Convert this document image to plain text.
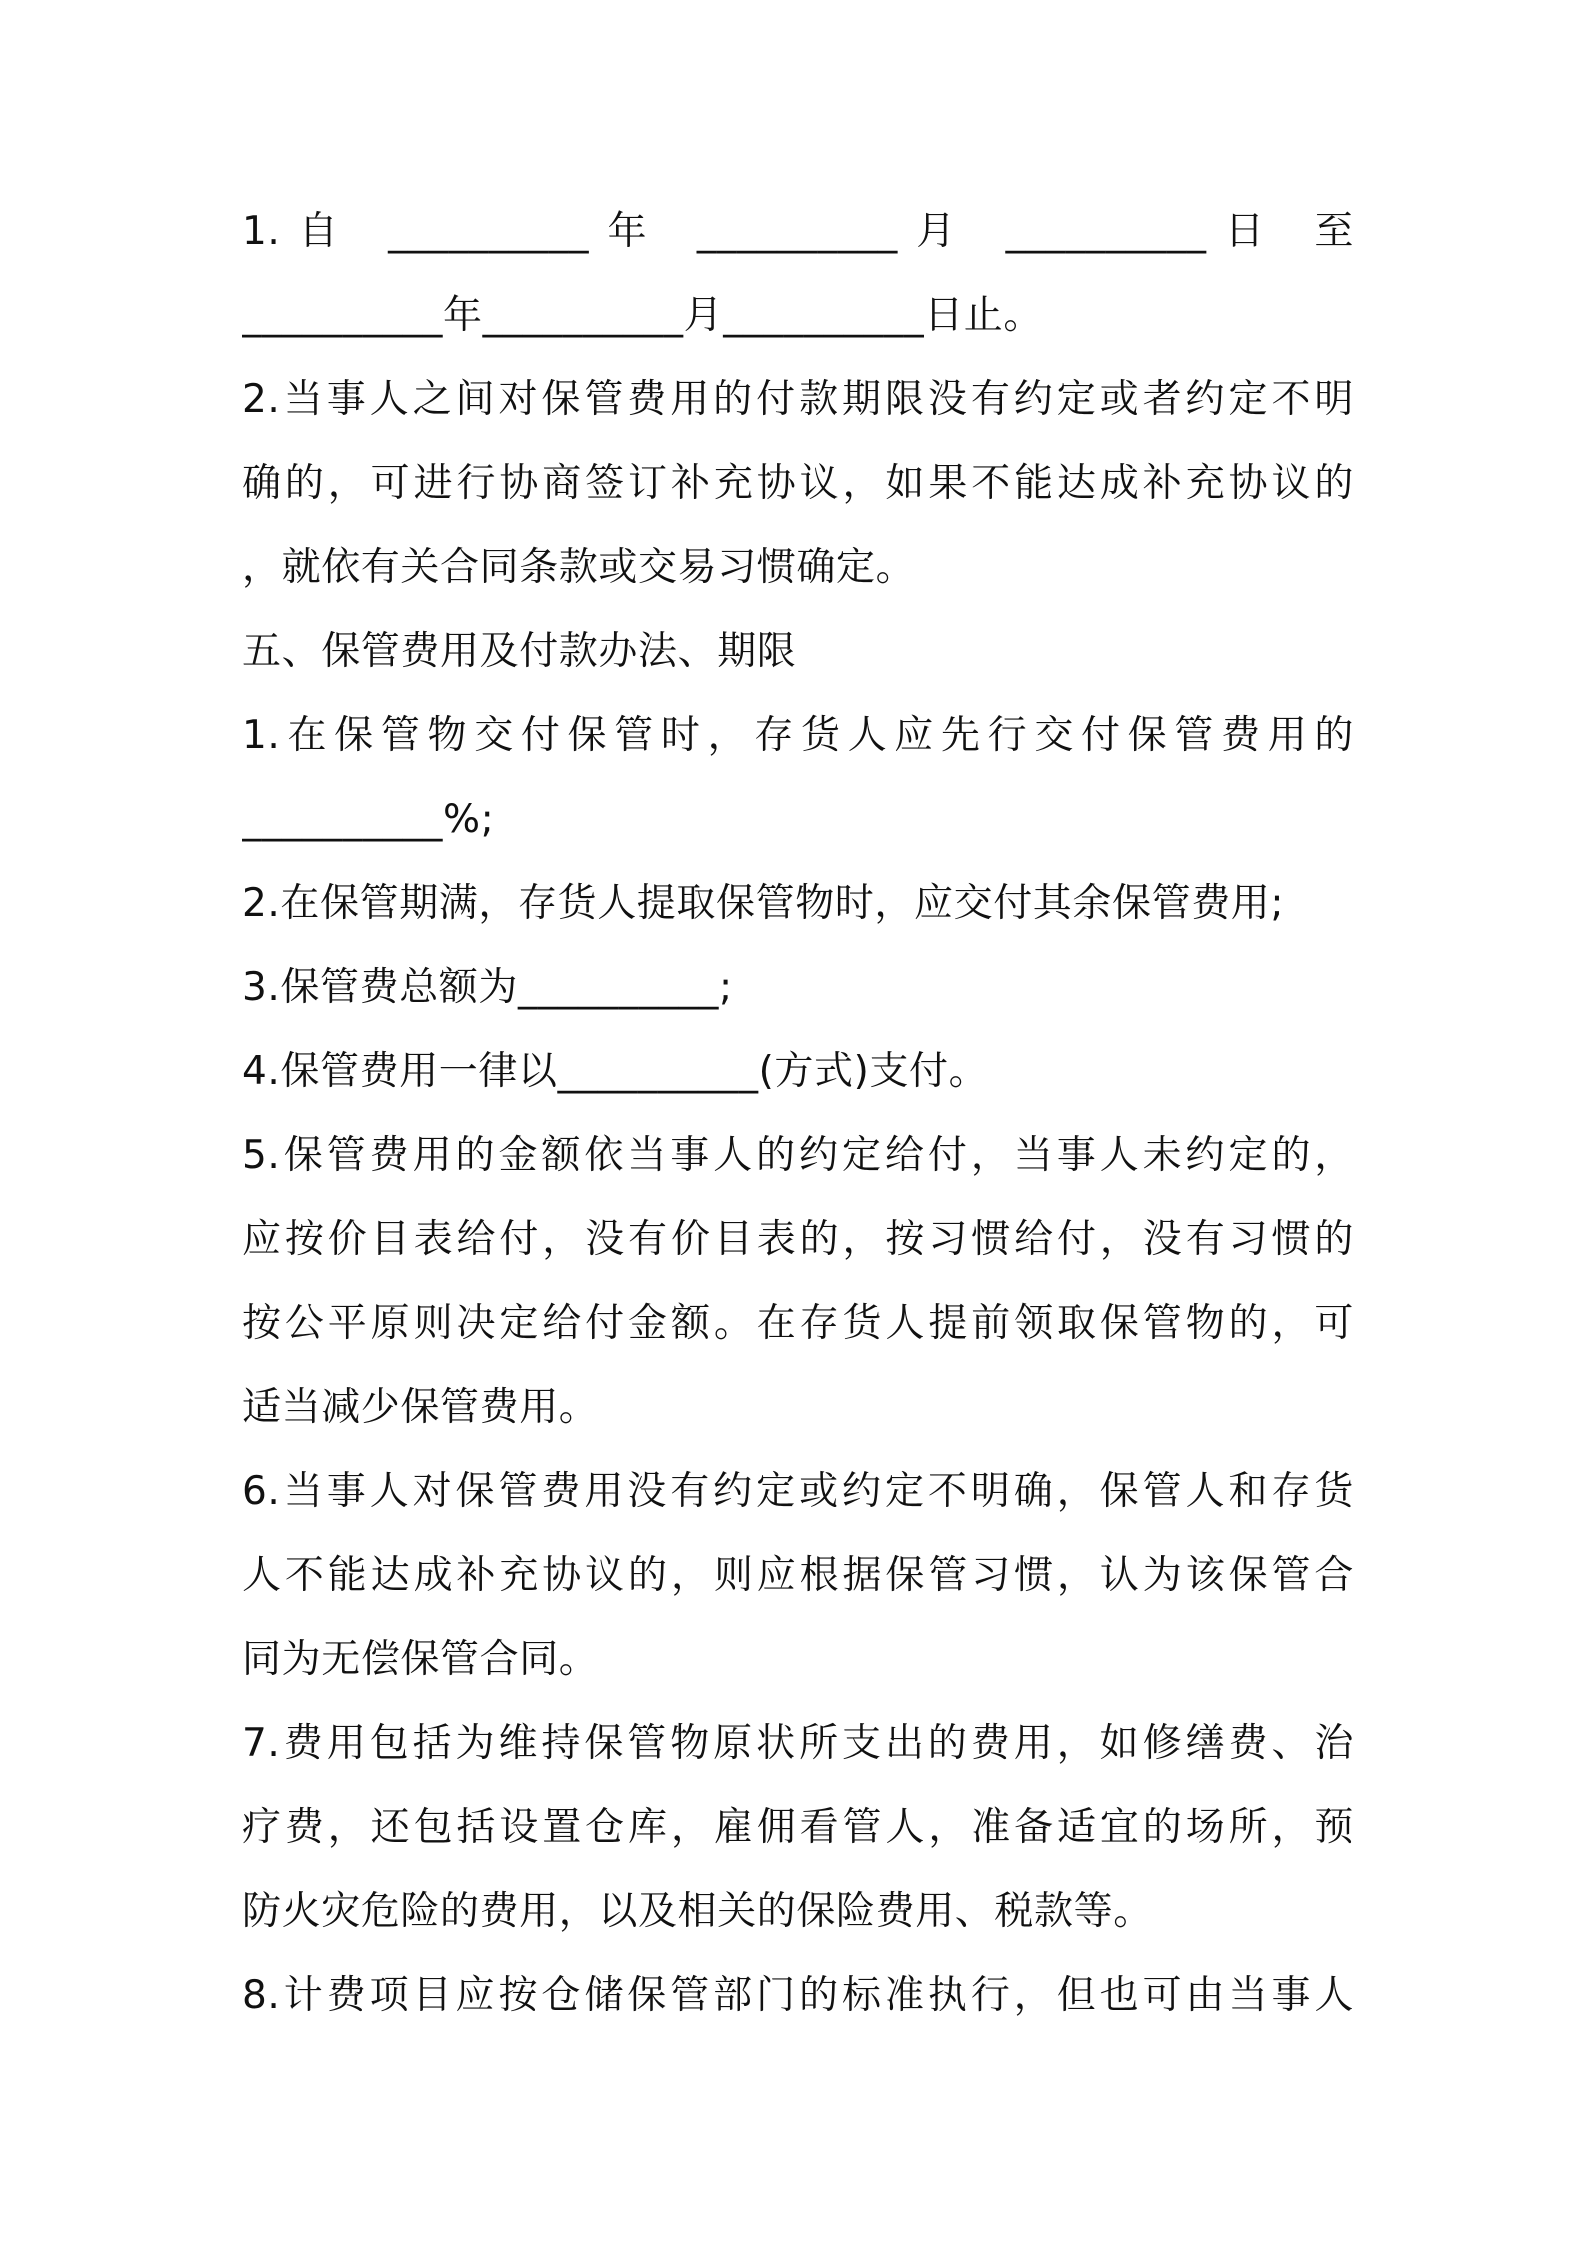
1.自 __________年 __________月 __________日 至
__________年__________月__________日止。
2.当事人之间对保管费用的付款期限没有约定或者约定不明
确的，可进行协商签订补充协议，如果不能达成补充协议的
，就依有关合同条款或交易习惯确定。
五、保管费用及付款办法、期限
1.在保管物交付保管时，存货人应先行交付保管费用的
__________%;
2.在保管期满，存货人提取保管物时，应交付其余保管费用;
3.保管费总额为__________;
4.保管费用一律以__________(方式)支付。
5.保管费用的金额依当事人的约定给付，当事人未约定的，
应按价目表给付，没有价目表的，按习惯给付，没有习惯的
按公平原则决定给付金额。在存货人提前领取保管物的，可
适当减少保管费用。
6.当事人对保管费用没有约定或约定不明确，保管人和存货
人不能达成补充协议的，则应根据保管习惯，认为该保管合
同为无偿保管合同。
7.费用包括为维持保管物原状所支出的费用，如修缮费、治
疗费，还包括设置仓库，雇佣看管人，准备适宜的场所，预
防火灾危险的费用，以及相关的保险费用、税款等。
8.计费项目应按仓储保管部门的标准执行，但也可由当事人
